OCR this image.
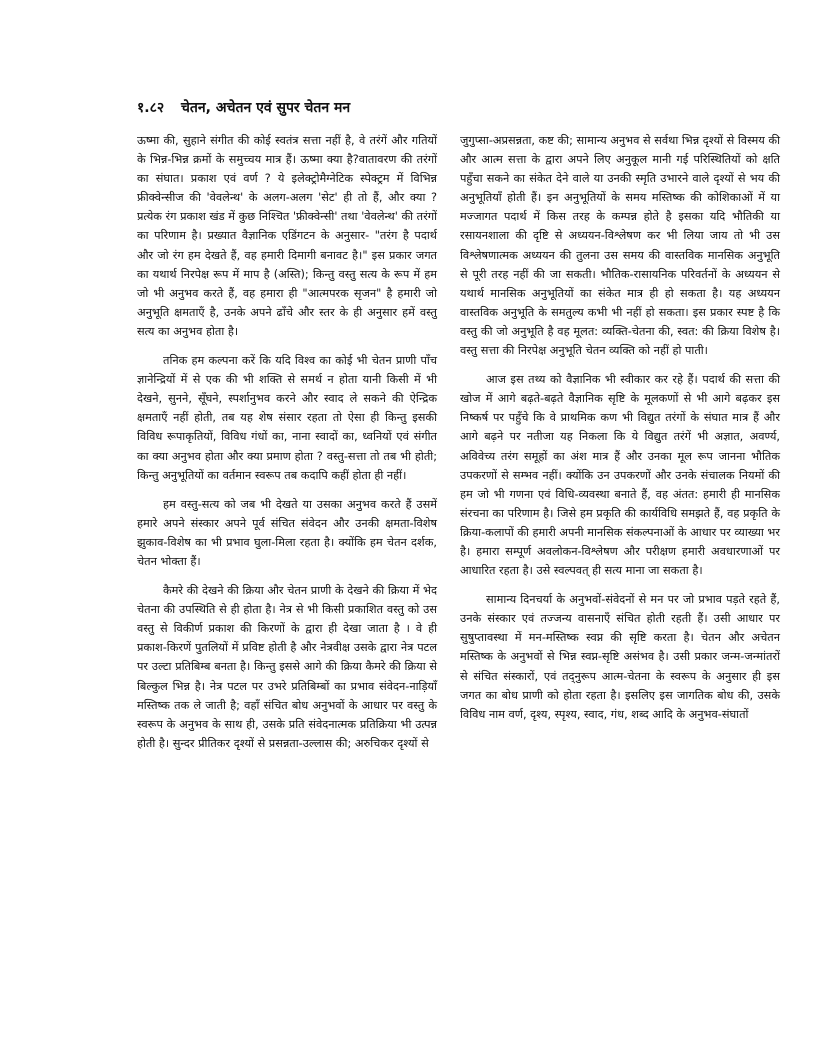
१.८२ चेतन, अचेतन एवं सुपर चेतन मन

ऊष्मा की, सुहाने संगीत की कोई स्वतंत्र सत्ता नहीं है, वे तरंगें और गतियों के भिन्न-भिन्न क्रमों के समुच्चय मात्र हैं। ऊष्मा क्या है?वातावरण की तरंगों का संघात। प्रकाश एवं वर्ण ? ये इलेक्ट्रोमैग्नेटिक स्पेक्ट्रम में विभिन्न फ्रीक्वेन्सीज की 'वेवलेन्थ' के अलग-अलग 'सेट' ही तो हैं, और क्या ? प्रत्येक रंग प्रकाश खंड में कुछ निश्चित 'फ्रीक्वेन्सी' तथा 'वेवलेन्थ' की तरंगों का परिणाम है। प्रख्यात वैज्ञानिक एडिंगटन के अनुसार- "तरंग है पदार्थ और जो रंग हम देखते हैं, वह हमारी दिमागी बनावट है।" इस प्रकार जगत का यथार्थ निरपेक्ष रूप में माप है (अस्ति); किन्तु वस्तु सत्य के रूप में हम जो भी अनुभव करते हैं, वह हमारा ही "आत्मपरक सृजन" है हमारी जो अनुभूति क्षमताएँ है, उनके अपने ढाँचे और स्तर के ही अनुसार हमें वस्तु सत्य का अनुभव होता है।

तनिक हम कल्पना करें कि यदि विश्व का कोई भी चेतन प्राणी पाँच ज्ञानेन्द्रियों में से एक की भी शक्ति से समर्थ न होता यानी किसी में भी देखने, सुनने, सूँघने, स्पर्शानुभव करने और स्वाद ले सकने की ऐन्द्रिक क्षमताएँ नहीं होती, तब यह शेष संसार रहता तो ऐसा ही किन्तु इसकी विविध रूपाकृतियों, विविध गंधों का, नाना स्वादों का, ध्वनियों एवं संगीत का क्या अनुभव होता और क्या प्रमाण होता ? वस्तु-सत्ता तो तब भी होती; किन्तु अनुभूतियों का वर्तमान स्वरूप तब कदापि कहीं होता ही नहीं।

हम वस्तु-सत्य को जब भी देखते या उसका अनुभव करते हैं उसमें हमारे अपने संस्कार अपने पूर्व संचित संवेदन और उनकी क्षमता-विशेष झुकाव-विशेष का भी प्रभाव घुला-मिला रहता है। क्योंकि हम चेतन दर्शक, चेतन भोक्ता हैं।

कैमरे की देखने की क्रिया और चेतन प्राणी के देखने की क्रिया में भेद चेतना की उपस्थिति से ही होता है। नेत्र से भी किसी प्रकाशित वस्तु को उस वस्तु से विकीर्ण प्रकाश की किरणों के द्वारा ही देखा जाता है । वे ही प्रकाश-किरणें पुतलियों में प्रविष्ट होती है और नेत्रवीक्ष उसके द्वारा नेत्र पटल पर उल्टा प्रतिबिम्ब बनता है। किन्तु इससे आगे की क्रिया कैमरे की क्रिया से बिल्कुल भिन्न है। नेत्र पटल पर उभरे प्रतिबिम्बों का प्रभाव संवेदन-नाड़ियाँ मस्तिष्क तक ले जाती है; वहाँ संचित बोध अनुभवों के आधार पर वस्तु के स्वरूप के अनुभव के साथ ही, उसके प्रति संवेदनात्मक प्रतिक्रिया भी उत्पन्न होती है। सुन्दर प्रीतिकर दृश्यों से प्रसन्नता-उल्लास की; अरुचिकर दृश्यों से

जुगुप्सा-अप्रसन्नता, कष्ट की; सामान्य अनुभव से सर्वथा भिन्न दृश्यों से विस्मय की और आत्म सत्ता के द्वारा अपने लिए अनुकूल मानी गई परिस्थितियों को क्षति पहुँचा सकने का संकेत देने वाले या उनकी स्मृति उभारने वाले दृश्यों से भय की अनुभूतियाँ होती हैं। इन अनुभूतियों के समय मस्तिष्क की कोशिकाओं में या मज्जागत पदार्थ में किस तरह के कम्पन्न होते है इसका यदि भौतिकी या रसायनशाला की दृष्टि से अध्ययन-विश्लेषण कर भी लिया जाय तो भी उस विश्लेषणात्मक अध्ययन की तुलना उस समय की वास्तविक मानसिक अनुभूति से पूरी तरह नहीं की जा सकती। भौतिक-रासायनिक परिवर्तनों के अध्ययन से यथार्थ मानसिक अनुभूतियों का संकेत मात्र ही हो सकता है। यह अध्ययन वास्तविक अनुभूति के समतुल्य कभी भी नहीं हो सकता। इस प्रकार स्पष्ट है कि वस्तु की जो अनुभूति है वह मूलत: व्यक्ति-चेतना की, स्वत: की क्रिया विशेष है। वस्तु सत्ता की निरपेक्ष अनुभूति चेतन व्यक्ति को नहीं हो पाती।

आज इस तथ्य को वैज्ञानिक भी स्वीकार कर रहे हैं। पदार्थ की सत्ता की खोज में आगे बढ़ते-बढ़ते वैज्ञानिक सृष्टि के मूलकणों से भी आगे बढ़कर इस निष्कर्ष पर पहुँचे कि वे प्राथमिक कण भी विद्युत तरंगों के संघात मात्र हैं और आगे बढ़ने पर नतीजा यह निकला कि ये विद्युत तरंगें भी अज्ञात, अवर्ण्य, अविवेच्य तरंग समूहों का अंश मात्र हैं और उनका मूल रूप जानना भौतिक उपकरणों से सम्भव नहीं। क्योंकि उन उपकरणों और उनके संचालक नियमों की हम जो भी गणना एवं विधि-व्यवस्था बनाते हैं, वह अंतत: हमारी ही मानसिक संरचना का परिणाम है। जिसे हम प्रकृति की कार्यविधि समझते हैं, वह प्रकृति के क्रिया-कलापों की हमारी अपनी मानसिक संकल्पनाओं के आधार पर व्याख्या भर है। हमारा सम्पूर्ण अवलोकन-विश्लेषण और परीक्षण हमारी अवधारणाओं पर आधारित रहता है। उसे स्वल्पवत् ही सत्य माना जा सकता है।

सामान्य दिनचर्या के अनुभवों-संवेदनों से मन पर जो प्रभाव पड़ते रहते हैं, उनके संस्कार एवं तज्जन्य वासनाएँ संचित होती रहती हैं। उसी आधार पर सुषुप्तावस्था में मन-मस्तिष्क स्वप्न की सृष्टि करता है। चेतन और अचेतन मस्तिष्क के अनुभवों से भिन्न स्वप्न-सृष्टि असंभव है। उसी प्रकार जन्म-जन्मांतरों से संचित संस्कारों, एवं तद्नुरूप आत्म-चेतना के स्वरूप के अनुसार ही इस जगत का बोध प्राणी को होता रहता है। इसलिए इस जागतिक बोध की, उसके विविध नाम वर्ण, दृश्य, स्पृश्य, स्वाद, गंध, शब्द आदि के अनुभव-संघातों
